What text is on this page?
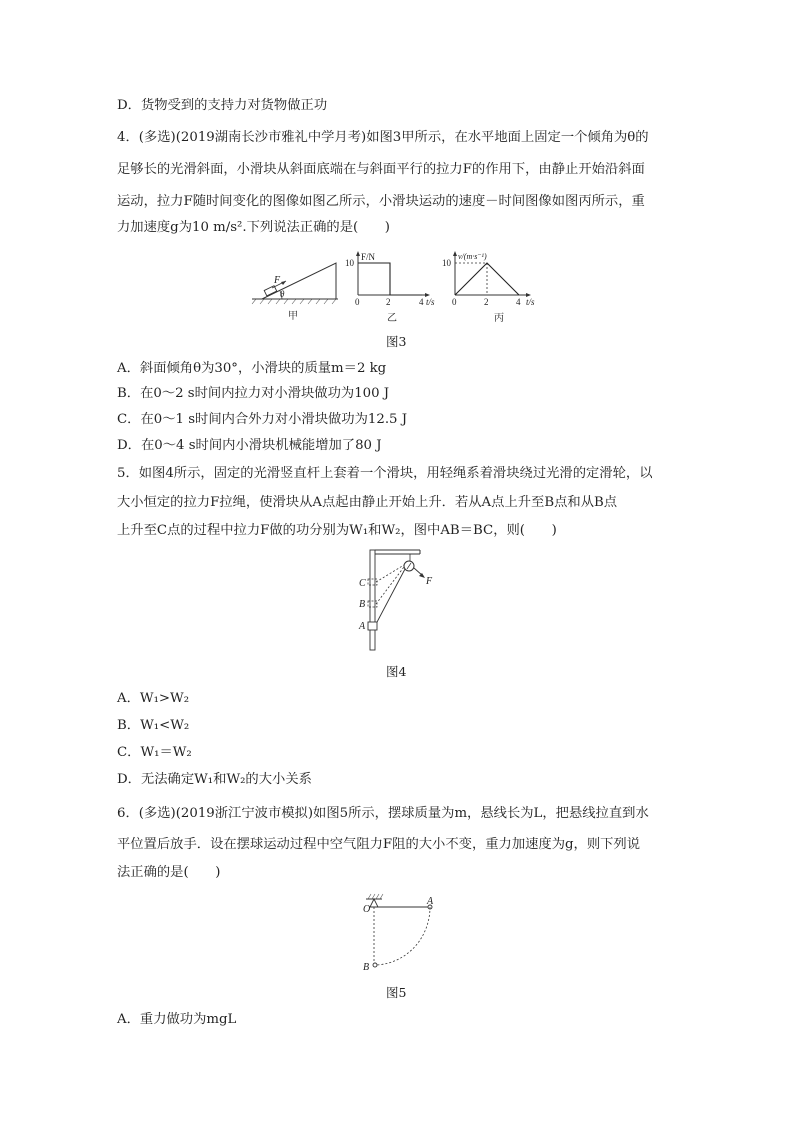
D．货物受到的支持力对货物做正功
4．(多选)(2019湖南长沙市雅礼中学月考)如图3甲所示，在水平地面上固定一个倾角为θ的
足够长的光滑斜面，小滑块从斜面底端在与斜面平行的拉力F的作用下，由静止开始沿斜面
运动，拉力F随时间变化的图像如图乙所示，小滑块运动的速度－时间图像如图丙所示，重
力加速度g为10 m/s².下列说法正确的是(　　)
F
θ
甲
F/N
10
0	2	4 t/s
乙
v/(m·s⁻¹)
10
0	2	4 t/s
丙
图3
A．斜面倾角θ为30°，小滑块的质量m＝2 kg
B．在0～2 s时间内拉力对小滑块做功为100 J
C．在0～1 s时间内合外力对小滑块做功为12.5 J
D．在0～4 s时间内小滑块机械能增加了80 J
5．如图4所示，固定的光滑竖直杆上套着一个滑块，用轻绳系着滑块绕过光滑的定滑轮，以
大小恒定的拉力F拉绳，使滑块从A点起由静止开始上升．若从A点上升至B点和从B点
上升至C点的过程中拉力F做的功分别为W₁和W₂，图中AB＝BC，则(　　)
A
B
C	F
图4
A．W₁>W₂
B．W₁<W₂
C．W₁＝W₂
D．无法确定W₁和W₂的大小关系
6．(多选)(2019浙江宁波市模拟)如图5所示，摆球质量为m，悬线长为L，把悬线拉直到水
平位置后放手．设在摆球运动过程中空气阻力F阻的大小不变，重力加速度为g，则下列说
法正确的是(　　)
O
A
B
图5
A．重力做功为mgL
